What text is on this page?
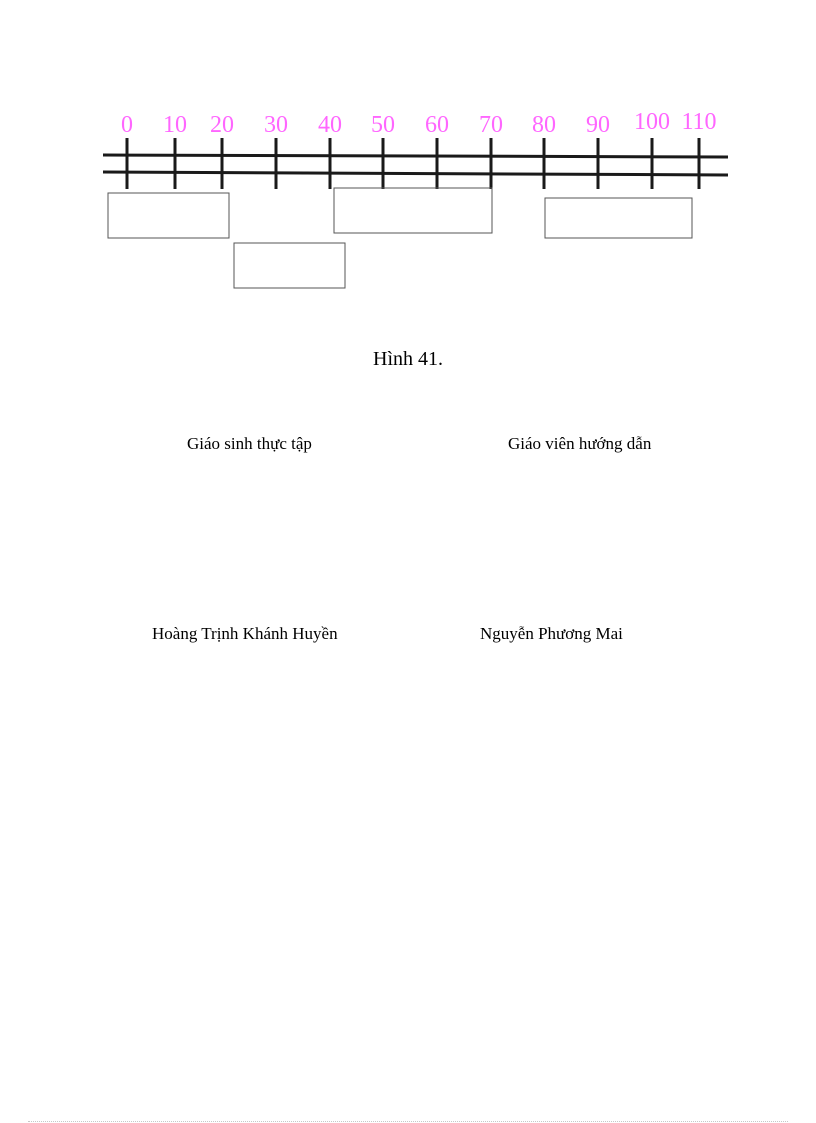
0 10 20 30 40 50 60 70 80 90 100 110
Hình 41.
Giáo sinh thực tập	Giáo viên hướng dẫn
Hoàng Trịnh Khánh Huyền	Nguyễn Phương Mai
